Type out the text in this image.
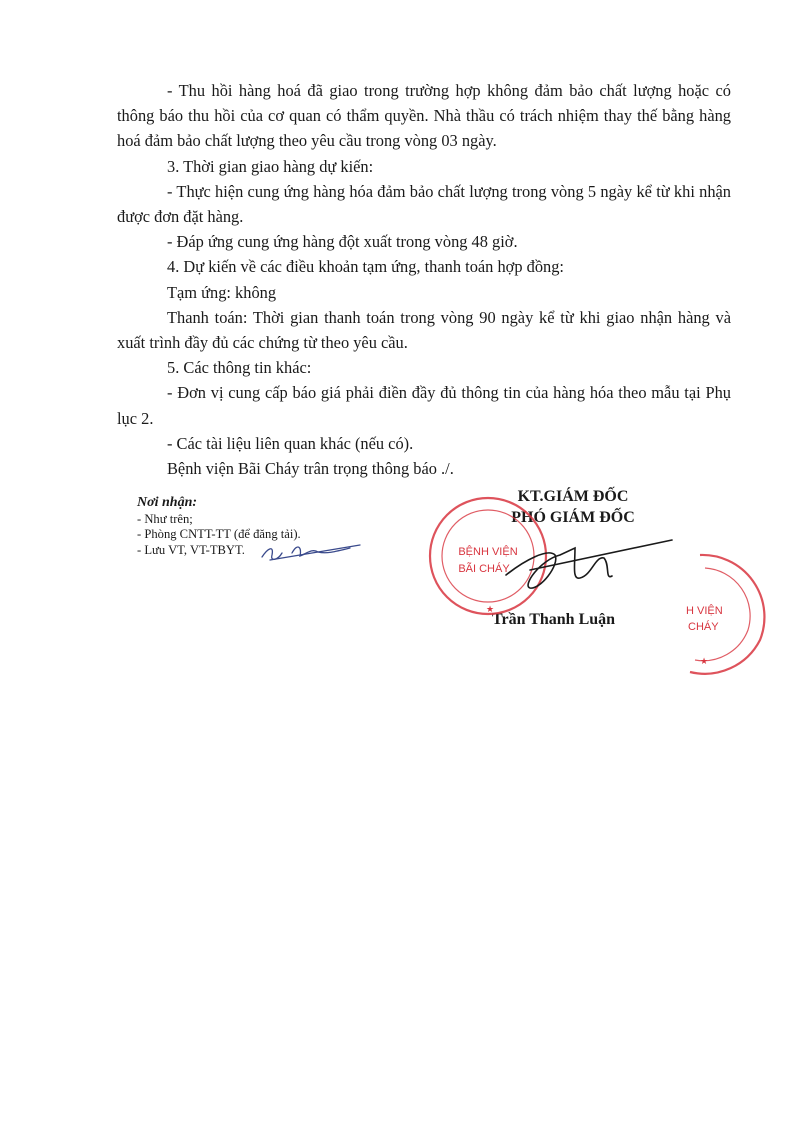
- Thu hồi hàng hoá đã giao trong trường hợp không đảm bảo chất lượng hoặc có thông báo thu hồi của cơ quan có thẩm quyền. Nhà thầu có trách nhiệm thay thế bằng hàng hoá đảm bảo chất lượng theo yêu cầu trong vòng 03 ngày.

3. Thời gian giao hàng dự kiến:

- Thực hiện cung ứng hàng hóa đảm bảo chất lượng trong vòng 5 ngày kể từ khi nhận được đơn đặt hàng.

- Đáp ứng cung ứng hàng đột xuất trong vòng 48 giờ.

4. Dự kiến về các điều khoản tạm ứng, thanh toán hợp đồng:

Tạm ứng: không

Thanh toán: Thời gian thanh toán trong vòng 90 ngày kể từ khi giao nhận hàng và xuất trình đầy đủ các chứng từ theo yêu cầu.

5. Các thông tin khác:

- Đơn vị cung cấp báo giá phải điền đầy đủ thông tin của hàng hóa theo mẫu tại Phụ lục 2.

- Các tài liệu liên quan khác (nếu có).

Bệnh viện Bãi Cháy trân trọng thông báo ./.

Nơi nhận:
- Như trên;
- Phòng CNTT-TT (để đăng tải).
- Lưu VT, VT-TBYT.
KT.GIÁM ĐỐC
PHÓ GIÁM ĐỐC
Trần Thanh Luận
BỆNH VIỆN
BÃI CHÁY
★	H VIỆN
CHÁY
★
